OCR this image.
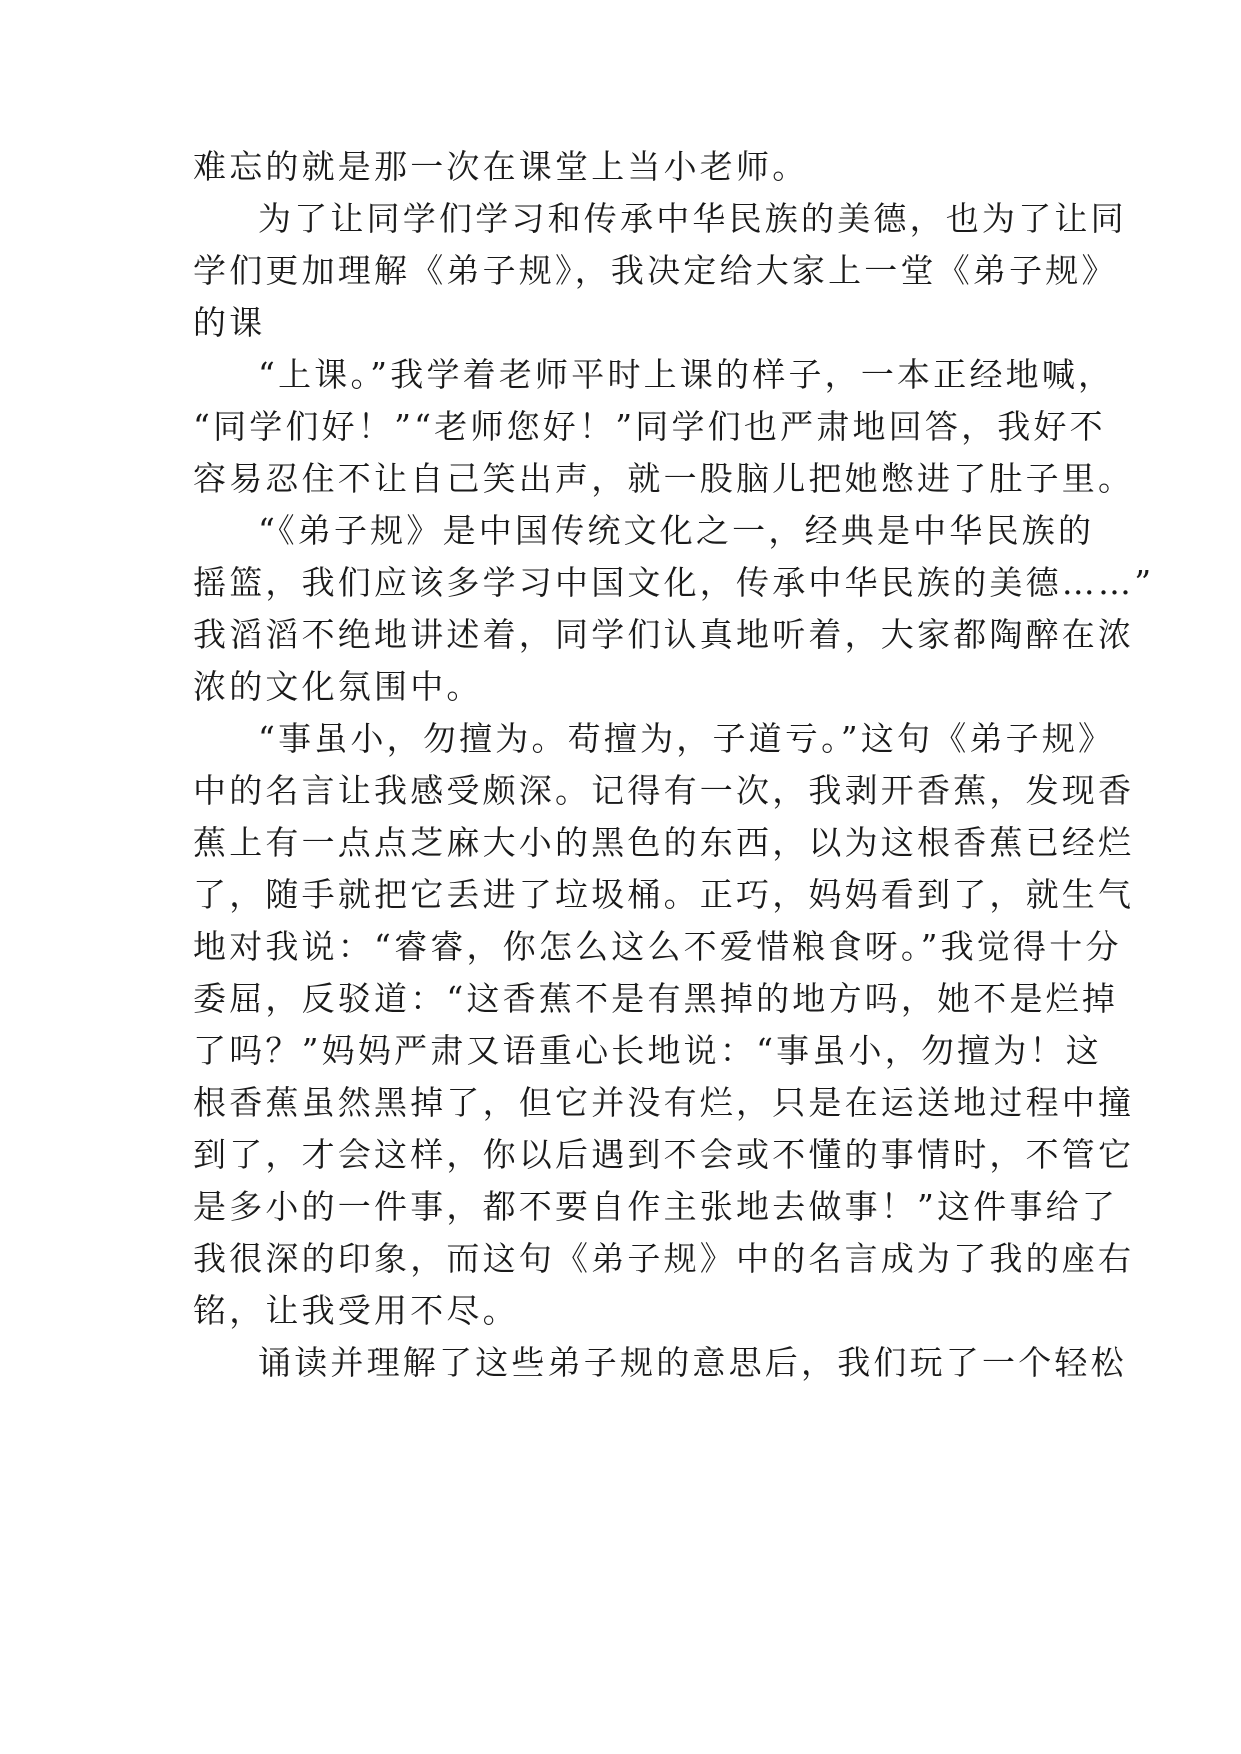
难忘的就是那一次在课堂上当小老师。
为了让同学们学习和传承中华民族的美德，也为了让同
学们更加理解《弟子规》，我决定给大家上一堂《弟子规》
的课
“上课。”我学着老师平时上课的样子，一本正经地喊，
“同学们好！”“老师您好！”同学们也严肃地回答，我好不
容易忍住不让自己笑出声，就一股脑儿把她憋进了肚子里。
“《弟子规》是中国传统文化之一，经典是中华民族的
摇篮，我们应该多学习中国文化，传承中华民族的美德……”
我滔滔不绝地讲述着，同学们认真地听着，大家都陶醉在浓
浓的文化氛围中。
“事虽小，勿擅为。苟擅为，子道亏。”这句《弟子规》
中的名言让我感受颇深。记得有一次，我剥开香蕉，发现香
蕉上有一点点芝麻大小的黑色的东西，以为这根香蕉已经烂
了，随手就把它丢进了垃圾桶。正巧，妈妈看到了，就生气
地对我说：“睿睿，你怎么这么不爱惜粮食呀。”我觉得十分
委屈，反驳道：“这香蕉不是有黑掉的地方吗，她不是烂掉
了吗？”妈妈严肃又语重心长地说：“事虽小，勿擅为！这
根香蕉虽然黑掉了，但它并没有烂，只是在运送地过程中撞
到了，才会这样，你以后遇到不会或不懂的事情时，不管它
是多小的一件事，都不要自作主张地去做事！”这件事给了
我很深的印象，而这句《弟子规》中的名言成为了我的座右
铭，让我受用不尽。
诵读并理解了这些弟子规的意思后，我们玩了一个轻松
